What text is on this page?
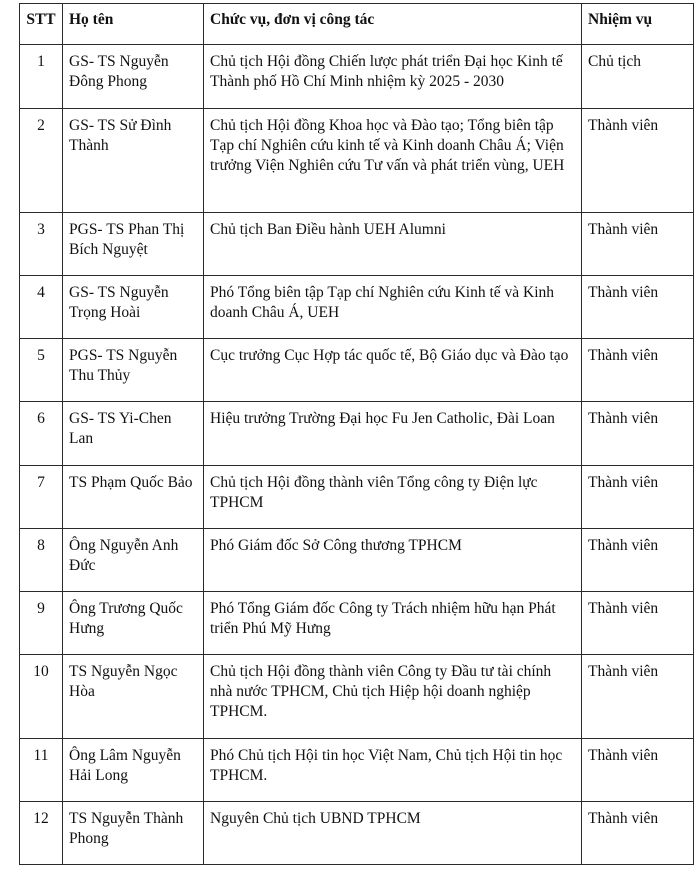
STT	Họ tên	Chức vụ, đơn vị công tác	Nhiệm vụ
1	GS- TS Nguyễn Đông Phong	Chủ tịch Hội đồng Chiến lược phát triển Đại học Kinh tế Thành phố Hồ Chí Minh nhiệm kỳ 2025 - 2030	Chủ tịch
2	GS- TS Sử Đình Thành	Chủ tịch Hội đồng Khoa học và Đào tạo; Tổng biên tập Tạp chí Nghiên cứu kinh tế và Kinh doanh Châu Á; Viện trưởng Viện Nghiên cứu Tư vấn và phát triển vùng, UEH	Thành viên
3	PGS- TS Phan Thị Bích Nguyệt	Chủ tịch Ban Điều hành UEH Alumni	Thành viên
4	GS- TS Nguyễn Trọng Hoài	Phó Tổng biên tập Tạp chí Nghiên cứu Kinh tế và Kinh doanh Châu Á, UEH	Thành viên
5	PGS- TS Nguyễn Thu Thủy	Cục trưởng Cục Hợp tác quốc tế, Bộ Giáo dục và Đào tạo	Thành viên
6	GS- TS Yi-Chen Lan	Hiệu trưởng Trường Đại học Fu Jen Catholic, Đài Loan	Thành viên
7	TS Phạm Quốc Bảo	Chủ tịch Hội đồng thành viên Tổng công ty Điện lực TPHCM	Thành viên
8	Ông Nguyễn Anh Đức	Phó Giám đốc Sở Công thương TPHCM	Thành viên
9	Ông Trương Quốc Hưng	Phó Tổng Giám đốc Công ty Trách nhiệm hữu hạn Phát triển Phú Mỹ Hưng	Thành viên
10	TS Nguyễn Ngọc Hòa	Chủ tịch Hội đồng thành viên Công ty Đầu tư tài chính nhà nước TPHCM, Chủ tịch Hiệp hội doanh nghiệp TPHCM.	Thành viên
11	Ông Lâm Nguyễn Hải Long	Phó Chủ tịch Hội tin học Việt Nam, Chủ tịch Hội tin học TPHCM.	Thành viên
12	TS Nguyễn Thành Phong	Nguyên Chủ tịch UBND TPHCM	Thành viên
